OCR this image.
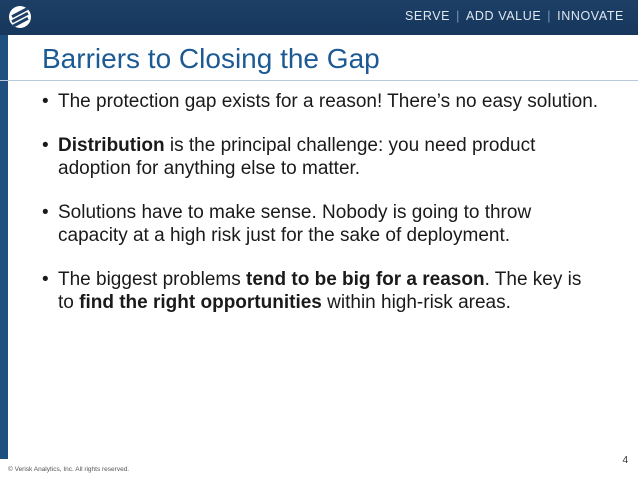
SERVE | ADD VALUE | INNOVATE
Barriers to Closing the Gap
• The protection gap exists for a reason! There’s no easy solution.
• Distribution is the principal challenge: you need product adoption for anything else to matter.
• Solutions have to make sense. Nobody is going to throw capacity at a high risk just for the sake of deployment.
• The biggest problems tend to be big for a reason. The key is to find the right opportunities within high-risk areas.
© Verisk Analytics, Inc. All rights reserved.
4
